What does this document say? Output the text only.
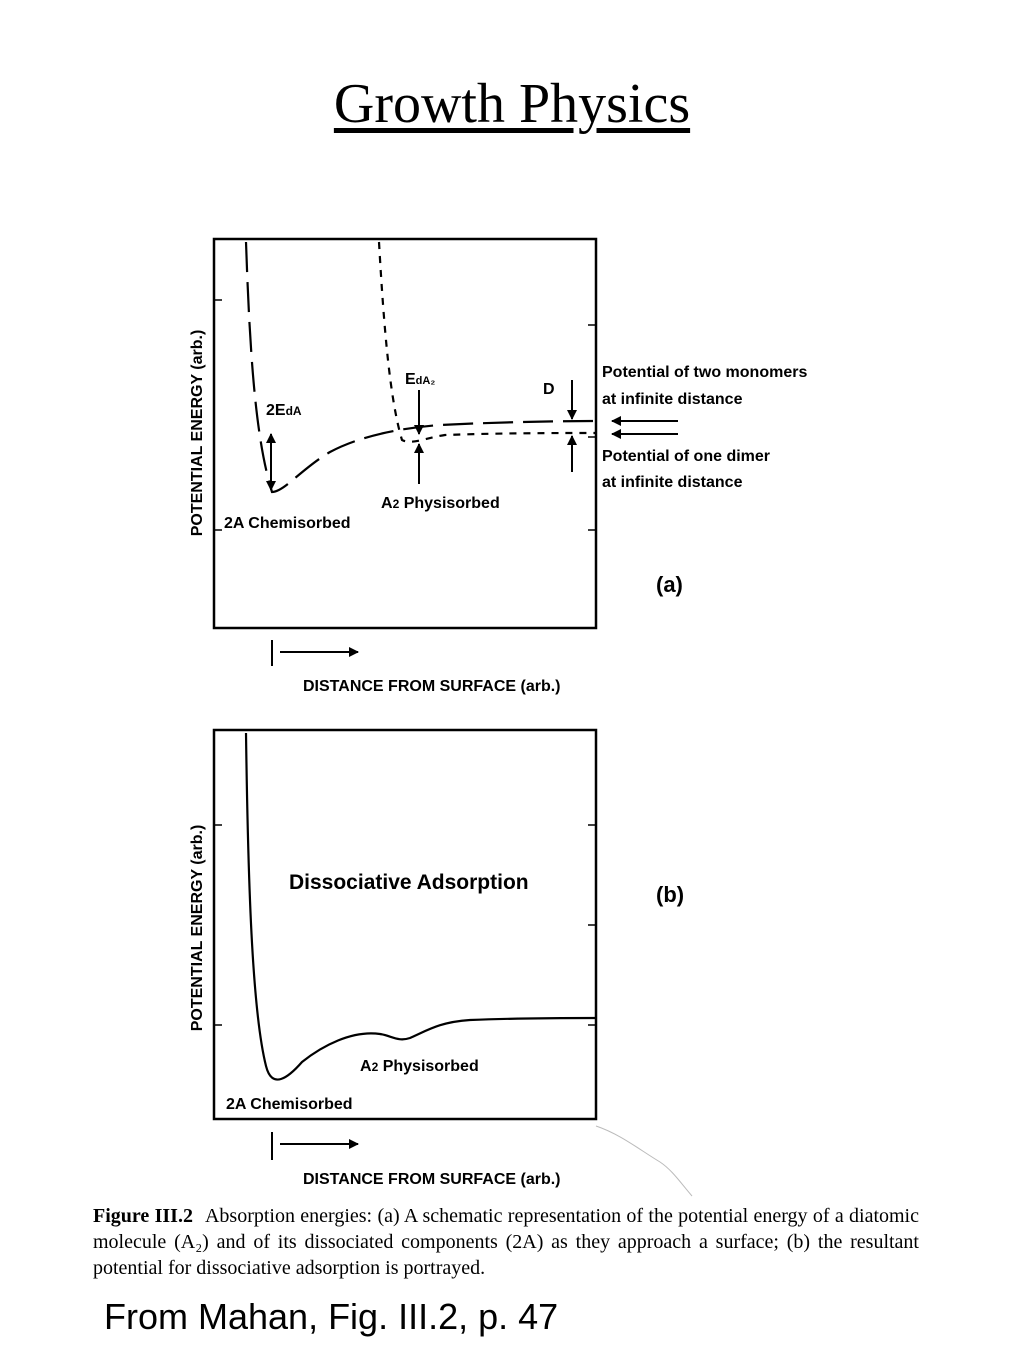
Growth Physics
2EdA
EdA₂	D
2A Chemisorbed
A2 Physisorbed
Potential of two monomers
at infinite distance
Potential of one dimer
at infinite distance
(a)
POTENTIAL ENERGY (arb.)
DISTANCE FROM SURFACE (arb.)
Dissociative Adsorption
A2 Physisorbed
2A Chemisorbed
(b)
POTENTIAL ENERGY (arb.)
DISTANCE FROM SURFACE (arb.)
Figure III.2 Absorption energies: (a) A schematic representation of the potential energy of a diatomic molecule (A₂) and of its dissociated components (2A) as they approach a surface; (b) the resultant potential for dissociative adsorption is portrayed.
From Mahan, Fig. III.2, p. 47
